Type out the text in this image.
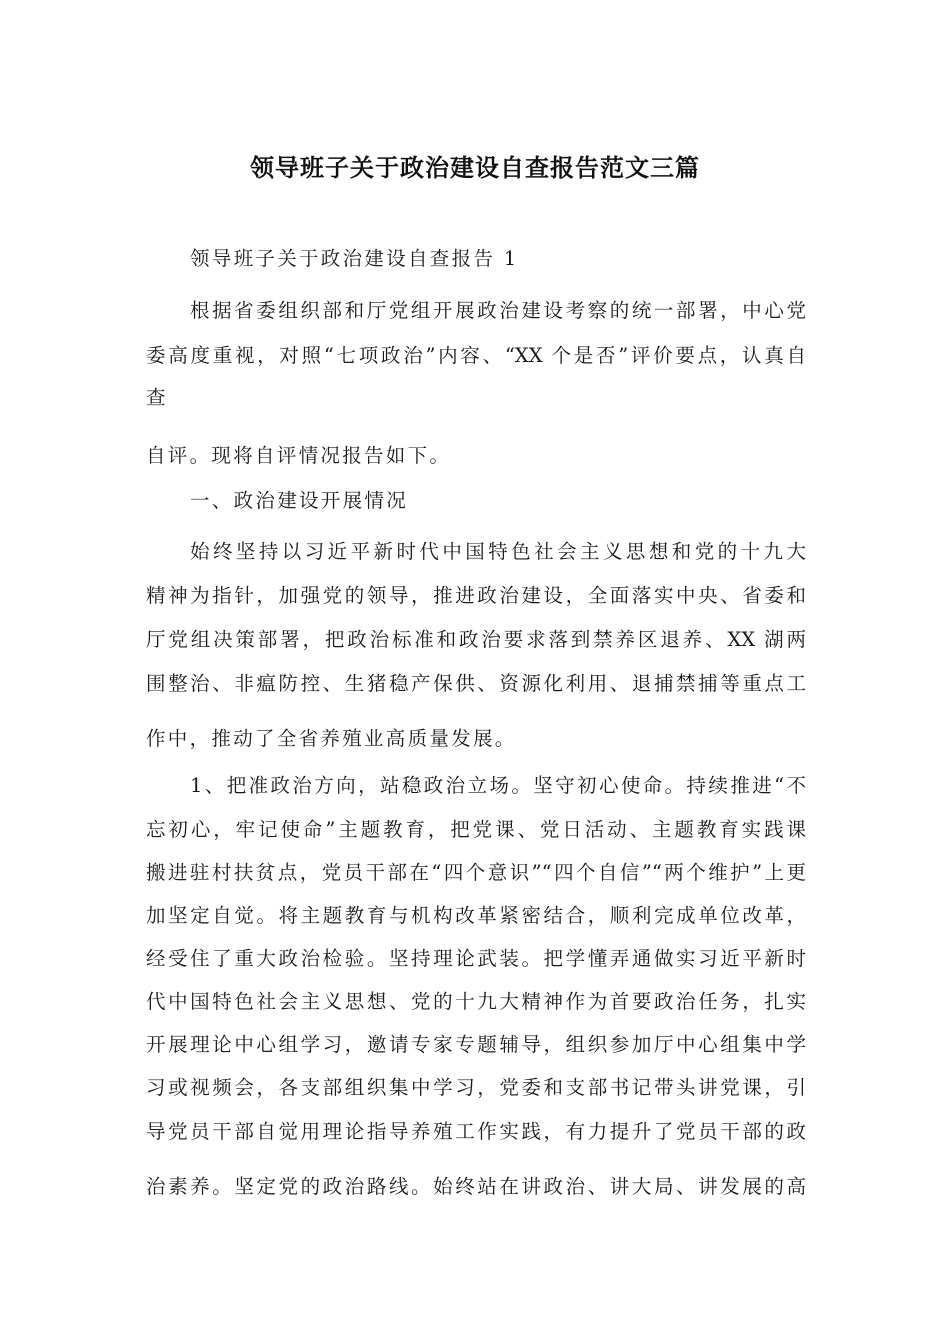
领导班子关于政治建设自查报告范文三篇
领导班子关于政治建设自查报告 1
根据省委组织部和厅党组开展政治建设考察的统一部署，中心党
委高度重视，对照“七项政治”内容、“XX 个是否”评价要点，认真自
查
自评。现将自评情况报告如下。
一、政治建设开展情况
始终坚持以习近平新时代中国特色社会主义思想和党的十九大
精神为指针，加强党的领导，推进政治建设，全面落实中央、省委和
厅党组决策部署，把政治标准和政治要求落到禁养区退养、XX 湖两
围整治、非瘟防控、生猪稳产保供、资源化利用、退捕禁捕等重点工
作中，推动了全省养殖业高质量发展。
1、把准政治方向，站稳政治立场。坚守初心使命。持续推进“不
忘初心，牢记使命”主题教育，把党课、党日活动、主题教育实践课
搬进驻村扶贫点，党员干部在“四个意识”“四个自信”“两个维护”上更
加坚定自觉。将主题教育与机构改革紧密结合，顺利完成单位改革，
经受住了重大政治检验。坚持理论武装。把学懂弄通做实习近平新时
代中国特色社会主义思想、党的十九大精神作为首要政治任务，扎实
开展理论中心组学习，邀请专家专题辅导，组织参加厅中心组集中学
习或视频会，各支部组织集中学习，党委和支部书记带头讲党课，引
导党员干部自觉用理论指导养殖工作实践，有力提升了党员干部的政
治素养。坚定党的政治路线。始终站在讲政治、讲大局、讲发展的高
